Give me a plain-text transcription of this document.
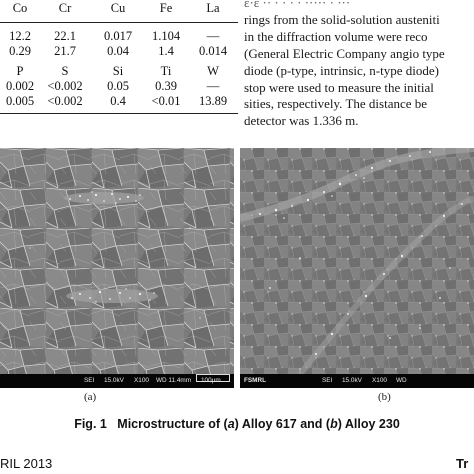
Co	Cr	Cu	Fe	La
12.2	22.1	0.017	1.104	—
0.29	21.7	0.04	1.4	0.014
P	S	Si	Ti	W
0.002	<0.002	0.05	0.39	—
0.005	<0.002	0.4	<0.01	13.89
ε·ε ·· · · · · ····· · ···
rings from the solid-solution austeniti
in the diffraction volume were reco
(General Electric Company angio type
diode (p-type, intrinsic, n-type diode)
stop were used to measure the initial
sities, respectively. The distance be
detector was 1.336 m.
SEI 15.0kV X100 WD 11.4mm 100μm	FSMRL	SEI 15.0kV X100 WD
(a)	(b)
Fig. 1 Microstructure of (a) Alloy 617 and (b) Alloy 230
RIL 2013	Tr
